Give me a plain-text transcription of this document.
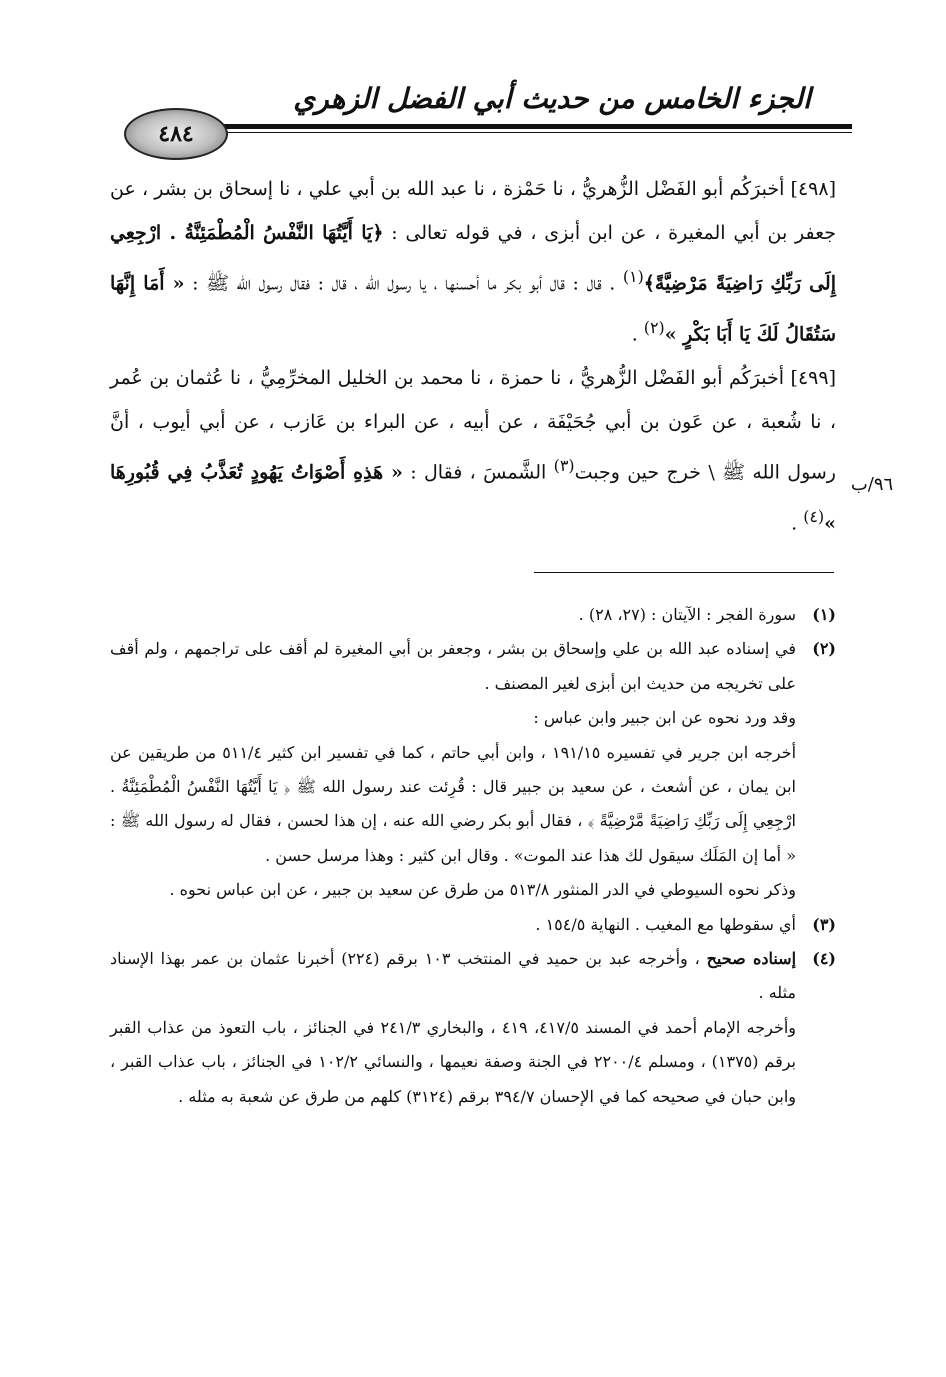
الجزء الخامس من حديث أبي الفضل الزهري
٤٨٤

[٤٩٨] أخبرَكُم أبو الفَضْل الزُّهريُّ ، نا حَمْزة ، نا عبد الله بن أبي علي ، نا إسحاق بن بشر ، عن جعفر بن أبي المغيرة ، عن ابن أبزى ، في قوله تعالى : ﴿يَا أَيَّتُهَا النَّفْسُ الْمُطْمَئِنَّةُ . ارْجِعِي إِلَى رَبِّكِ رَاضِيَةً مَرْضِيَّةً﴾$^{(١)}$ . قال : قال أبو بكر ما أحسنها ، يا رسول الله ، قال : فقال رسول الله ﷺ : « أَمَا إِنَّهَا سَتُقَالُ لَكَ يَا أَبَا بَكْرٍ »$^{(٢)}$ .

[٤٩٩] أخبرَكُم أبو الفَضْل الزُّهريُّ ، نا حمزة ، نا محمد بن الخليل المخرِّمِيُّ ، نا عُثمان بن عُمر ، نا شُعبة ، عن عَون بن أبي جُحَيْفَة ، عن أبيه ، عن البراء بن عَازب ، عن أبي أيوب ، أنَّ رسول الله ﷺ \ خرج حين وجبت$^{(٣)}$ الشَّمسَ ، فقال : « هَذِهِ أَصْوَاتُ يَهُودٍ تُعَذَّبُ فِي قُبُورِهَا »$^{(٤)}$ .

٩٦/ب
(١)

سورة الفجر : الآيتان : (٢٧، ٢٨) .

(٢)

في إسناده عبد الله بن علي وإسحاق بن بشر ، وجعفر بن أبي المغيرة لم أقف على تراجمهم ، ولم أقف على تخريجه من حديث ابن أبزى لغير المصنف .

وقد ورد نحوه عن ابن جبير وابن عباس :

أخرجه ابن جرير في تفسيره ١٩١/١٥ ، وابن أبي حاتم ، كما في تفسير ابن كثير ٥١١/٤ من طريقين عن ابن يمان ، عن أشعث ، عن سعيد بن جبير قال : قُرِئت عند رسول الله ﷺ ﴿ يَا أَيَّتُهَا النَّفْسُ الْمُطْمَئِنَّةُ . ارْجِعِي إِلَى رَبِّكِ رَاضِيَةً مَّرْضِيَّةً ﴾ ، فقال أبو بكر رضي الله عنه ، إن هذا لحسن ، فقال له رسول الله ﷺ : « أما إن المَلَك سيقول لك هذا عند الموت» . وقال ابن كثير : وهذا مرسل حسن .

وذكر نحوه السيوطي في الدر المنثور ٥١٣/٨ من طرق عن سعيد بن جبير ، عن ابن عباس نحوه .

(٣)

أي سقوطها مع المغيب . النهاية ١٥٤/٥ .

(٤)

إسناده صحيح ، وأخرجه عبد بن حميد في المنتخب ١٠٣ برقم (٢٢٤) أخبرنا عثمان بن عمر بهذا الإسناد مثله .

وأخرجه الإمام أحمد في المسند ٤١٧/٥، ٤١٩ ، والبخاري ٢٤١/٣ في الجنائز ، باب التعوذ من عذاب القبر برقم (١٣٧٥) ، ومسلم ٢٢٠٠/٤ في الجنة وصفة نعيمها ، والنسائي ١٠٢/٢ في الجنائز ، باب عذاب القبر ، وابن حبان في صحيحه كما في الإحسان ٣٩٤/٧ برقم (٣١٢٤) كلهم من طرق عن شعبة به مثله .
